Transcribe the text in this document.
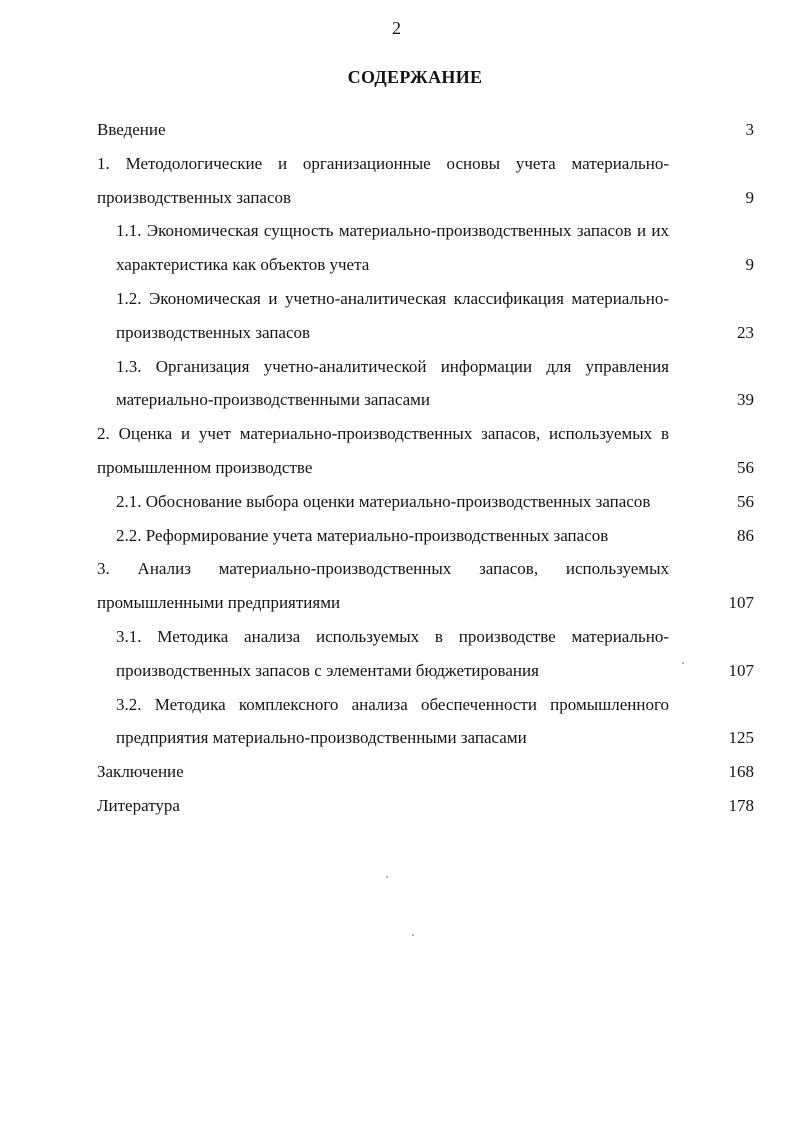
2
СОДЕРЖАНИЕ
Введение	3
1. Методологические и организационные основы учета материально-производственных запасов	9
1.1. Экономическая сущность материально-производственных запасов и их характеристика как объектов учета	9
1.2. Экономическая и учетно-аналитическая классификация материально-производственных запасов	23
1.3. Организация учетно-аналитической информации для управления материально-производственными запасами	39
2. Оценка и учет материально-производственных запасов, используемых в промышленном производстве	56
2.1. Обоснование выбора оценки материально-производственных запасов	56
2.2. Реформирование учета материально-производственных запасов	86
3. Анализ материально-производственных запасов, используемых промышленными предприятиями	107
3.1. Методика анализа используемых в производстве материально-производственных запасов с элементами бюджетирования	107
3.2. Методика комплексного анализа обеспеченности промышленного предприятия материально-производственными запасами	125
Заключение	168
Литература	178
